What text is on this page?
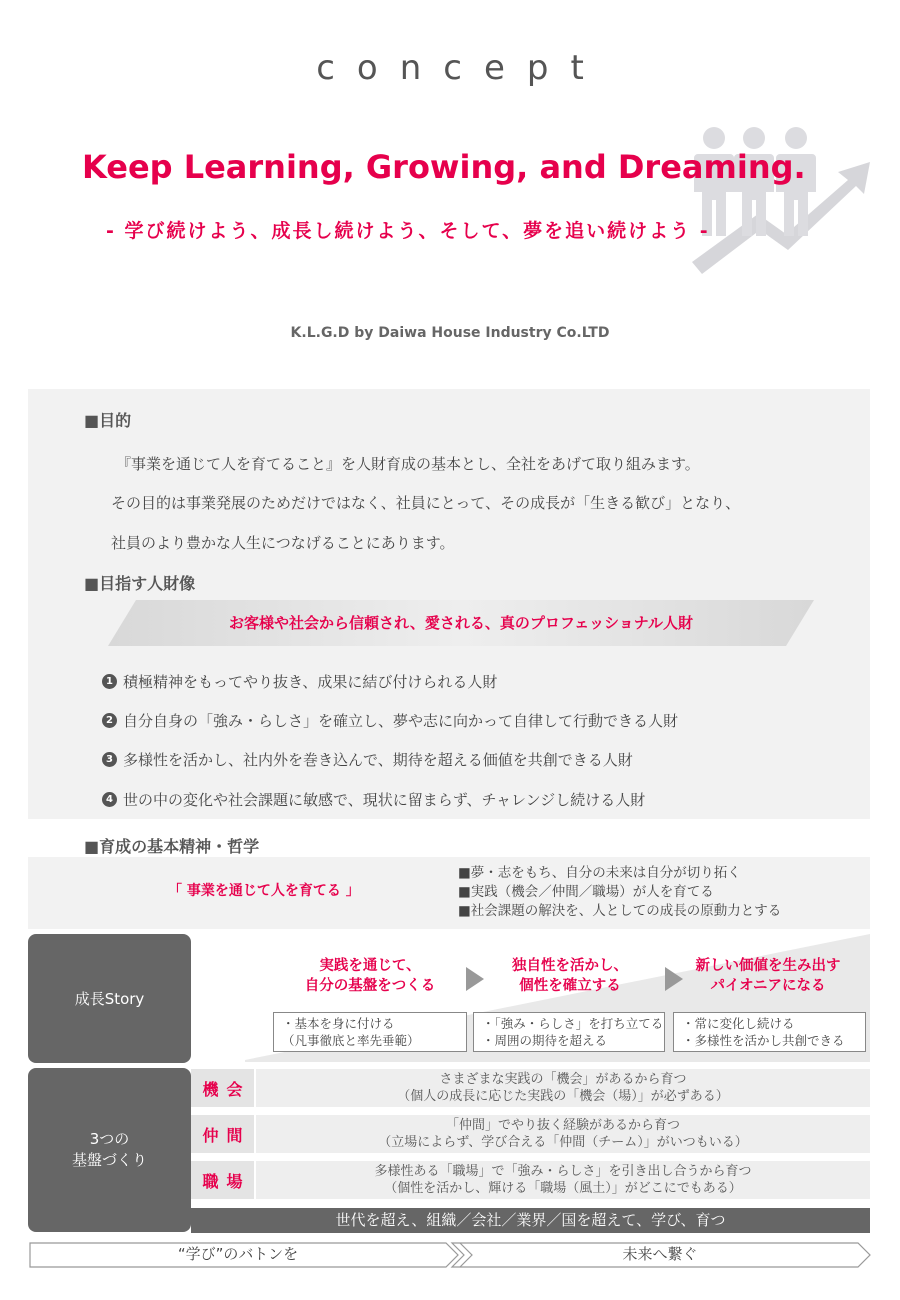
concept
Keep Learning, Growing, and Dreaming.
- 学び続けよう、成長し続けよう、そして、夢を追い続けよう -
K.L.G.D by Daiwa House Industry Co.LTD
■目的
『事業を通じて人を育てること』を人財育成の基本とし、全社をあげて取り組みます。
その目的は事業発展のためだけではなく、社員にとって、その成長が「生きる歓び」となり、
社員のより豊かな人生につなげることにあります。
■目指す人財像
お客様や社会から信頼され、愛される、真のプロフェッショナル人財
1 積極精神をもってやり抜き、成果に結び付けられる人財
2 自分自身の「強み・らしさ」を確立し、夢や志に向かって自律して行動できる人財
3 多様性を活かし、社内外を巻き込んで、期待を超える価値を共創できる人財
4 世の中の変化や社会課題に敏感で、現状に留まらず、チャレンジし続ける人財
■育成の基本精神・哲学
「 事業を通じて人を育てる 」
■夢・志をもち、自分の未来は自分が切り拓く
■実践（機会／仲間／職場）が人を育てる
■社会課題の解決を、人としての成長の原動力とする
成長Story
実践を通じて、
自分の基盤をつくる
独自性を活かし、
個性を確立する
新しい価値を生み出す
パイオニアになる
・基本を身に付ける
（凡事徹底と率先垂範）
・「強み・らしさ」を打ち立てる
・周囲の期待を超える
・常に変化し続ける
・多様性を活かし共創できる
3つの
基盤づくり
機会	さまざまな実践の「機会」があるから育つ
（個人の成長に応じた実践の「機会（場）」が必ずある）
仲間	「仲間」でやり抜く経験があるから育つ
（立場によらず、学び合える「仲間（チーム）」がいつもいる）
職場	多様性ある「職場」で「強み・らしさ」を引き出し合うから育つ
（個性を活かし、輝ける「職場（風土）」がどこにでもある）
世代を超え、組織／会社／業界／国を超えて、学び、育つ
“学び”のバトンを	未来へ繋ぐ
